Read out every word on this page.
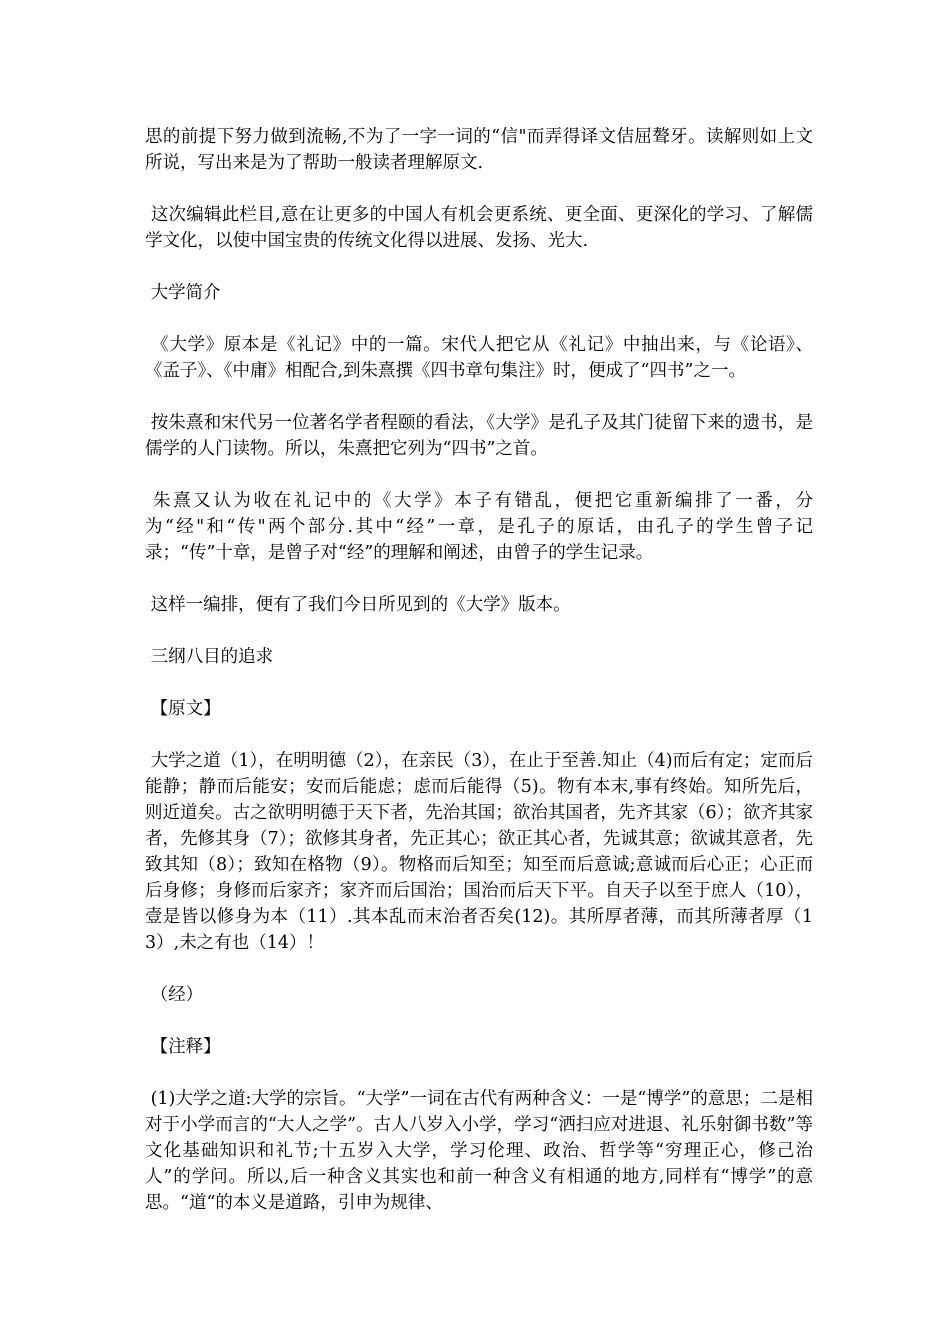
思的前提下努力做到流畅,不为了一字一词的“信"而弄得译文佶屈聱牙。读解则如上文所说，写出来是为了帮助一般读者理解原文.

这次编辑此栏目,意在让更多的中国人有机会更系统、更全面、更深化的学习、了解儒学文化，以使中国宝贵的传统文化得以进展、发扬、光大.

大学简介

《大学》原本是《礼记》中的一篇。宋代人把它从《礼记》中抽出来，与《论语》、《孟子》、《中庸》相配合,到朱熹撰《四书章句集注》时，便成了“四书”之一。

按朱熹和宋代另一位著名学者程颐的看法，《大学》是孔子及其门徒留下来的遗书，是儒学的人门读物。所以，朱熹把它列为“四书”之首。

朱熹又认为收在礼记中的《大学》本子有错乱，便把它重新编排了一番，分为“经"和“传"两个部分.其中“经”一章，是孔子的原话，由孔子的学生曾子记录；“传”十章，是曾子对“经”的理解和阐述，由曾子的学生记录。

这样一编排，便有了我们今日所见到的《大学》版本。

三纲八目的追求

【原文】

大学之道（1），在明明德（2），在亲民（3），在止于至善.知止（4)而后有定；定而后能静；静而后能安；安而后能虑；虑而后能得（5)。物有本末,事有终始。知所先后，则近道矣。古之欲明明德于天下者，先治其国；欲治其国者，先齐其家（6）；欲齐其家者，先修其身（7）；欲修其身者，先正其心；欲正其心者，先诚其意；欲诚其意者，先致其知（8）；致知在格物（9）。物格而后知至；知至而后意诚;意诚而后心正；心正而后身修；身修而后家齐；家齐而后国治；国治而后天下平。自天子以至于庶人（10），壹是皆以修身为本（11）.其本乱而末治者否矣(12)。其所厚者薄，而其所薄者厚（13）,未之有也（14）！

（经）

【注释】

(1)大学之道:大学的宗旨。“大学”一词在古代有两种含义：一是“博学”的意思；二是相对于小学而言的“大人之学”。古人八岁入小学，学习“洒扫应对进退、礼乐射御书数”等文化基础知识和礼节;十五岁入大学，学习伦理、政治、哲学等“穷理正心，修己治人”的学问。所以,后一种含义其实也和前一种含义有相通的地方,同样有“博学”的意思。“道“的本义是道路，引申为规律、
